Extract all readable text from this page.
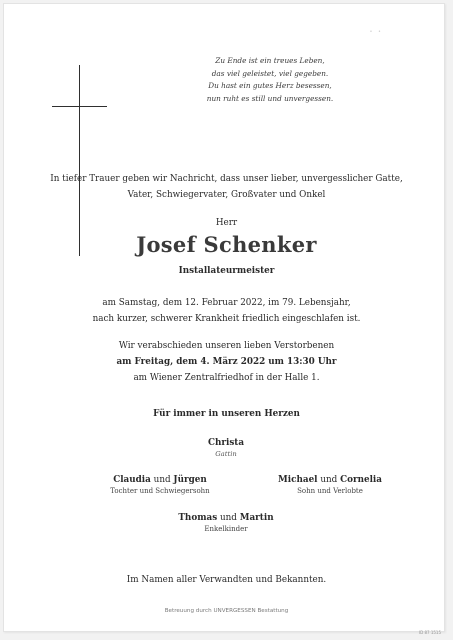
• •
Zu Ende ist ein treues Leben,
das viel geleistet, viel gegeben.
Du hast ein gutes Herz besessen,
nun ruht es still und unvergessen.
In tiefer Trauer geben wir Nachricht, dass unser lieber, unvergesslicher Gatte,
Vater, Schwiegervater, Großvater und Onkel
Herr
Josef Schenker
Installateurmeister
am Samstag, dem 12. Februar 2022, im 79. Lebensjahr,
nach kurzer, schwerer Krankheit friedlich eingeschlafen ist.
Wir verabschieden unseren lieben Verstorbenen
am Freitag, dem 4. März 2022 um 13:30 Uhr
am Wiener Zentralfriedhof in der Halle 1.
Für immer in unseren Herzen
Christa
Gattin
Claudia und Jürgen
Tochter und Schwiegersohn
Michael und Cornelia
Sohn und Verlobte
Thomas und Martin
Enkelkinder
Im Namen aller Verwandten und Bekannten.
Betreuung durch UNVERGESSEN Bestattung
ID 87 1515
